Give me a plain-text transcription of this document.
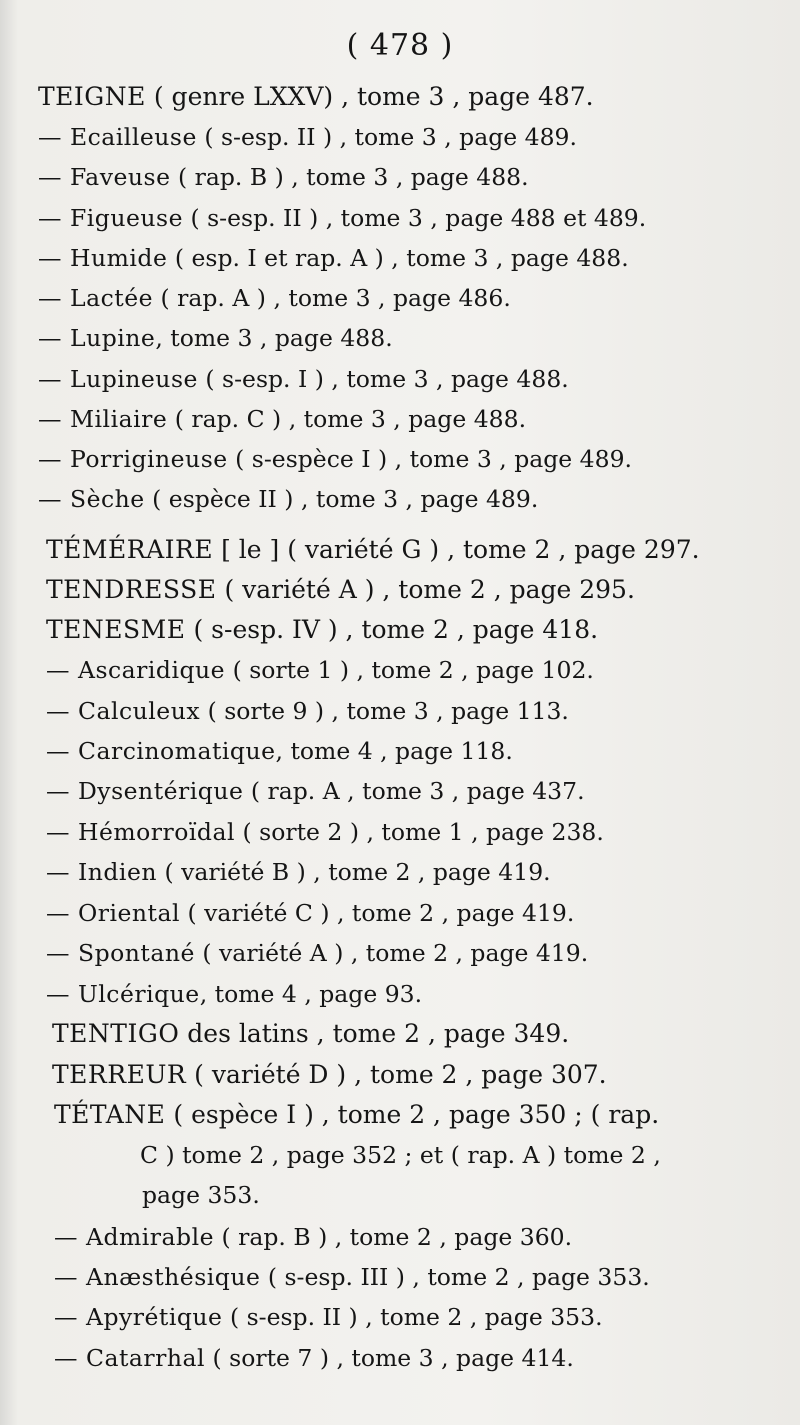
( 478 )
TEIGNE ( genre LXXV) , tome 3 , page 487.
— Ecailleuse ( s-esp. II ) , tome 3 , page 489.
— Faveuse ( rap. B ) , tome 3 , page 488.
— Figueuse ( s-esp. II ) , tome 3 , page 488 et 489.
— Humide ( esp. I et rap. A ) , tome 3 , page 488.
— Lactée ( rap. A ) , tome 3 , page 486.
— Lupine, tome 3 , page 488.
— Lupineuse ( s-esp. I ) , tome 3 , page 488.
— Miliaire ( rap. C ) , tome 3 , page 488.
— Porrigineuse ( s-espèce I ) , tome 3 , page 489.
— Sèche ( espèce II ) , tome 3 , page 489.
TÉMÉRAIRE [ le ] ( variété G ) , tome 2 , page 297.
TENDRESSE ( variété A ) , tome 2 , page 295.
TENESME ( s-esp. IV ) , tome 2 , page 418.
— Ascaridique ( sorte 1 ) , tome 2 , page 102.
— Calculeux ( sorte 9 ) , tome 3 , page 113.
— Carcinomatique, tome 4 , page 118.
— Dysentérique ( rap. A , tome 3 , page 437.
— Hémorroïdal ( sorte 2 ) , tome 1 , page 238.
— Indien ( variété B ) , tome 2 , page 419.
— Oriental ( variété C ) , tome 2 , page 419.
— Spontané ( variété A ) , tome 2 , page 419.
— Ulcérique, tome 4 , page 93.
TENTIGO des latins , tome 2 , page 349.
TERREUR ( variété D ) , tome 2 , page 307.
TÉTANE ( espèce I ) , tome 2 , page 350 ; ( rap.
C ) tome 2 , page 352 ; et ( rap. A ) tome 2 ,
page 353.
— Admirable ( rap. B ) , tome 2 , page 360.
— Anæsthésique ( s-esp. III ) , tome 2 , page 353.
— Apyrétique ( s-esp. II ) , tome 2 , page 353.
— Catarrhal ( sorte 7 ) , tome 3 , page 414.
